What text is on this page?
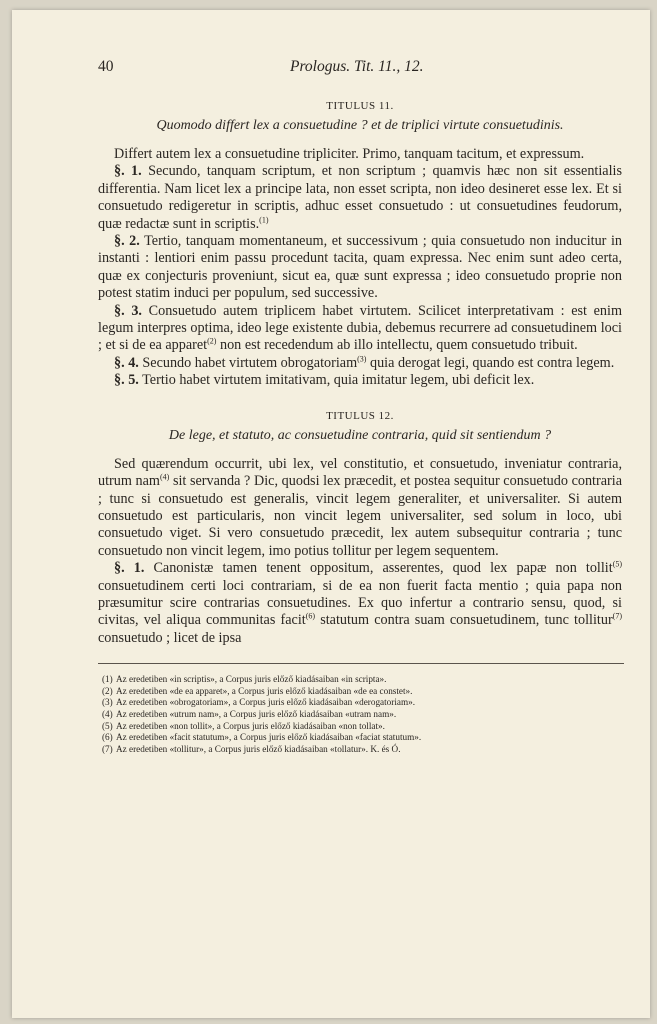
40	Prologus. Tit. 11., 12.
TITULUS 11.
Quomodo differt lex a consuetudine ? et de triplici virtute consuetudinis.

Differt autem lex a consuetudine tripliciter. Primo, tanquam tacitum, et expressum.

§. 1. Secundo, tanquam scriptum, et non scriptum ; quamvis hæc non sit essentialis differentia. Nam licet lex a principe lata, non esset scripta, non ideo desineret esse lex. Et si consuetudo redigeretur in scriptis, adhuc esset consuetudo : ut consuetudines feudorum, quæ redactæ sunt in scriptis.$^{(1)}$

§. 2. Tertio, tanquam momentaneum, et successivum ; quia consuetudo non inducitur in instanti : lentiori enim passu procedunt tacita, quam expressa. Nec enim sunt adeo certa, quæ ex conjecturis proveniunt, sicut ea, quæ sunt expressa ; ideo consuetudo proprie non potest statim induci per populum, sed successive.

§. 3. Consuetudo autem triplicem habet virtutem. Scilicet interpretativam : est enim legum interpres optima, ideo lege existente dubia, debemus recurrere ad consuetudinem loci ; et si de ea apparet$^{(2)}$ non est recedendum ab illo intellectu, quem consuetudo tribuit.

§. 4. Secundo habet virtutem obrogatoriam$^{(3)}$ quia derogat legi, quando est contra legem.

§. 5. Tertio habet virtutem imitativam, quia imitatur legem, ubi deficit lex.

TITULUS 12.
De lege, et statuto, ac consuetudine contraria, quid sit sentiendum ?

Sed quærendum occurrit, ubi lex, vel constitutio, et consuetudo, inveniatur contraria, utrum nam$^{(4)}$ sit servanda ? Dic, quodsi lex præcedit, et postea sequitur consuetudo contraria ; tunc si consuetudo est generalis, vincit legem generaliter, et universaliter. Si autem consuetudo est particularis, non vincit legem universaliter, sed solum in loco, ubi consuetudo viget. Si vero consuetudo præcedit, lex autem subsequitur contraria ; tunc consuetudo non vincit legem, imo potius tollitur per legem sequentem.

§. 1. Canonistæ tamen tenent oppositum, asserentes, quod lex papæ non tollit$^{(5)}$ consuetudinem certi loci contrariam, si de ea non fuerit facta mentio ; quia papa non præsumitur scire contrarias consuetudines. Ex quo infertur a contrario sensu, quod, si civitas, vel aliqua communitas facit$^{(6)}$ statutum contra suam consuetudinem, tunc tollitur$^{(7)}$ consuetudo ; licet de ipsa

(1) Az eredetiben «in scriptis», a Corpus juris előző kiadásaiban «in scripta».

(2) Az eredetiben «de ea apparet», a Corpus juris előző kiadásaiban «de ea constet».

(3) Az eredetiben «obrogatoriam», a Corpus juris előző kiadásaiban «derogatoriam».

(4) Az eredetiben «utrum nam», a Corpus juris előző kiadásaiban «utram nam».

(5) Az eredetiben «non tollit», a Corpus juris előző kiadásaiban «non tollat».

(6) Az eredetiben «facit statutum», a Corpus juris előző kiadásaiban «faciat statutum».

(7) Az eredetiben «tollitur», a Corpus juris előző kiadásaiban «tollatur». K. és Ó.
